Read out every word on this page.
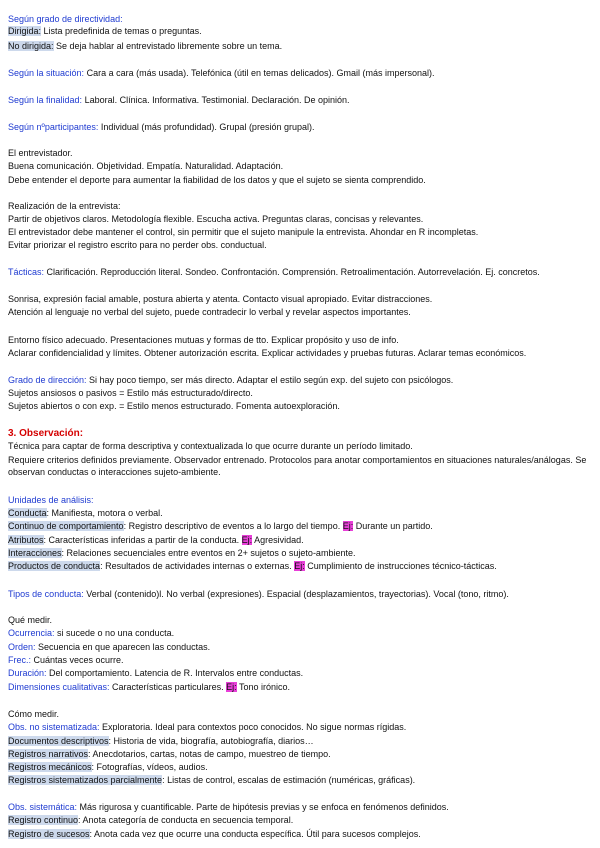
Según grado de directividad:
Dirigida: Lista predefinida de temas o preguntas.
No dirigida: Se deja hablar al entrevistado libremente sobre un tema.
Según la situación: Cara a cara (más usada). Telefónica (útil en temas delicados). Gmail (más impersonal).
Según la finalidad: Laboral. Clínica. Informativa. Testimonial. Declaración. De opinión.
Según nºparticipantes: Individual (más profundidad). Grupal (presión grupal).
El entrevistador.
Buena comunicación. Objetividad. Empatía. Naturalidad. Adaptación.
Debe entender el deporte para aumentar la fiabilidad de los datos y que el sujeto se sienta comprendido.
Realización de la entrevista:
Partir de objetivos claros. Metodología flexible. Escucha activa. Preguntas claras, concisas y relevantes.
El entrevistador debe mantener el control, sin permitir que el sujeto manipule la entrevista. Ahondar en R incompletas.
Evitar priorizar el registro escrito para no perder obs. conductual.
Tácticas: Clarificación. Reproducción literal. Sondeo. Confrontación. Comprensión. Retroalimentación. Autorrevelación. Ej. concretos.
Sonrisa, expresión facial amable, postura abierta y atenta. Contacto visual apropiado. Evitar distracciones.
Atención al lenguaje no verbal del sujeto, puede contradecir lo verbal y revelar aspectos importantes.
Entorno físico adecuado. Presentaciones mutuas y formas de tto. Explicar propósito y uso de info.
Aclarar confidencialidad y límites. Obtener autorización escrita. Explicar actividades y pruebas futuras. Aclarar temas económicos.
Grado de dirección: Si hay poco tiempo, ser más directo. Adaptar el estilo según exp. del sujeto con psicólogos.
Sujetos ansiosos o pasivos = Estilo más estructurado/directo.
Sujetos abiertos o con exp. = Estilo menos estructurado. Fomenta autoexploración.
3. Observación:
Técnica para captar de forma descriptiva y contextualizada lo que ocurre durante un período limitado.
Requiere criterios definidos previamente. Observador entrenado. Protocolos para anotar comportamientos en situaciones naturales/análogas. Se observan conductas o interacciones sujeto-ambiente.
Unidades de análisis:
Conducta: Manifiesta, motora o verbal.
Continuo de comportamiento: Registro descriptivo de eventos a lo largo del tiempo. Ej: Durante un partido.
Atributos: Características inferidas a partir de la conducta. Ej: Agresividad.
Interacciones: Relaciones secuenciales entre eventos en 2+ sujetos o sujeto-ambiente.
Productos de conducta: Resultados de actividades internas o externas. Ej: Cumplimiento de instrucciones técnico-tácticas.
Tipos de conducta: Verbal (contenido)l. No verbal (expresiones). Espacial (desplazamientos, trayectorias). Vocal (tono, ritmo).
Qué medir.
Ocurrencia: si sucede o no una conducta.
Orden: Secuencia en que aparecen las conductas.
Frec.: Cuántas veces ocurre.
Duración: Del comportamiento. Latencia de R. Intervalos entre conductas.
Dimensiones cualitativas: Características particulares. Ej: Tono irónico.
Cómo medir.
Obs. no sistematizada: Exploratoria. Ideal para contextos poco conocidos. No sigue normas rígidas.
Documentos descriptivos: Historia de vida, biografía, autobiografía, diarios…
Registros narrativos: Anecdotarios, cartas, notas de campo, muestreo de tiempo.
Registros mecánicos: Fotografías, vídeos, audios.
Registros sistematizados parcialmente: Listas de control, escalas de estimación (numéricas, gráficas).
Obs. sistemática: Más rigurosa y cuantificable. Parte de hipótesis previas y se enfoca en fenómenos definidos.
Registro continuo: Anota categoría de conducta en secuencia temporal.
Registro de sucesos: Anota cada vez que ocurre una conducta específica. Útil para sucesos complejos.
